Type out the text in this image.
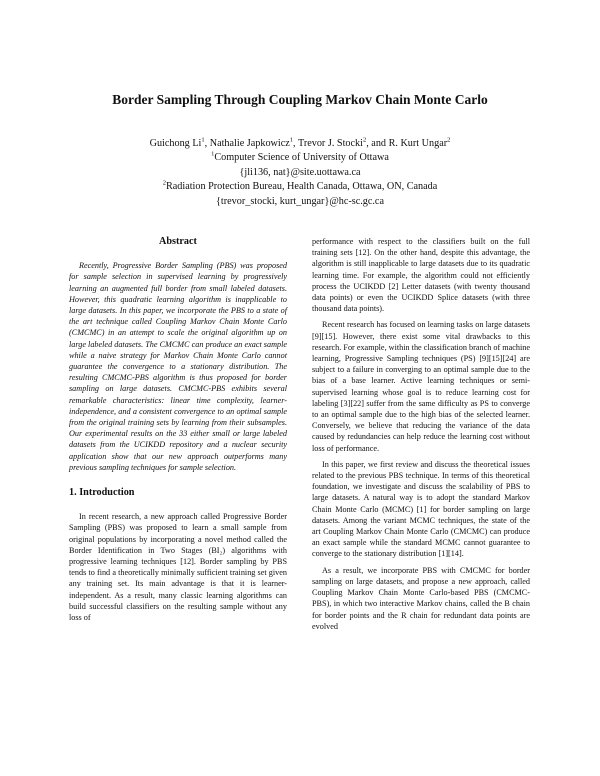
Border Sampling Through Coupling Markov Chain Monte Carlo
Guichong Li$^1$, Nathalie Japkowicz$^1$, Trevor J. Stocki$^2$, and R. Kurt Ungar$^2$
$^1$Computer Science of University of Ottawa
{jli136, nat}@site.uottawa.ca
$^2$Radiation Protection Bureau, Health Canada, Ottawa, ON, Canada
{trevor_stocki, kurt_ungar}@hc-sc.gc.ca
Abstract

Recently, Progressive Border Sampling (PBS) was proposed for sample selection in supervised learning by progressively learning an augmented full border from small labeled datasets. However, this quadratic learning algorithm is inapplicable to large datasets. In this paper, we incorporate the PBS to a state of the art technique called Coupling Markov Chain Monte Carlo (CMCMC) in an attempt to scale the original algorithm up on large labeled datasets. The CMCMC can produce an exact sample while a naive strategy for Markov Chain Monte Carlo cannot guarantee the convergence to a stationary distribution. The resulting CMCMC-PBS algorithm is thus proposed for border sampling on large datasets. CMCMC-PBS exhibits several remarkable characteristics: linear time complexity, learner-independence, and a consistent convergence to an optimal sample from the original training sets by learning from their subsamples. Our experimental results on the 33 either small or large labeled datasets from the UCIKDD repository and a nuclear security application show that our new approach outperforms many previous sampling techniques for sample selection.

1. Introduction

In recent research, a new approach called Progressive Border Sampling (PBS) was proposed to learn a small sample from original populations by incorporating a novel method called the Border Identification in Two Stages (BI₂) algorithms with progressive learning techniques [12]. Border sampling by PBS tends to find a theoretically minimally sufficient training set given any training set. Its main advantage is that it is learner-independent. As a result, many classic learning algorithms can build successful classifiers on the resulting sample without any loss of

performance with respect to the classifiers built on the full training sets [12]. On the other hand, despite this advantage, the algorithm is still inapplicable to large datasets due to its quadratic learning time. For example, the algorithm could not efficiently process the UCIKDD [2] Letter datasets (with twenty thousand data points) or even the UCIKDD Splice datasets (with three thousand data points).

Recent research has focused on learning tasks on large datasets [9][15]. However, there exist some vital drawbacks to this research. For example, within the classification branch of machine learning, Progressive Sampling techniques (PS) [9][15][24] are subject to a failure in converging to an optimal sample due to the bias of a base learner. Active learning techniques or semi-supervised learning whose goal is to reduce learning cost for labeling [3][22] suffer from the same difficulty as PS to converge to an optimal sample due to the high bias of the selected learner. Conversely, we believe that reducing the variance of the data caused by redundancies can help reduce the learning cost without loss of performance.

In this paper, we first review and discuss the theoretical issues related to the previous PBS technique. In terms of this theoretical foundation, we investigate and discuss the scalability of PBS to large datasets. A natural way is to adopt the standard Markov Chain Monte Carlo (MCMC) [1] for border sampling on large datasets. Among the variant MCMC techniques, the state of the art Coupling Markov Chain Monte Carlo (CMCMC) can produce an exact sample while the standard MCMC cannot guarantee to converge to the stationary distribution [1][14].

As a result, we incorporate PBS with CMCMC for border sampling on large datasets, and propose a new approach, called Coupling Markov Chain Monte Carlo-based PBS (CMCMC-PBS), in which two interactive Markov chains, called the B chain for border points and the R chain for redundant data points are evolved
